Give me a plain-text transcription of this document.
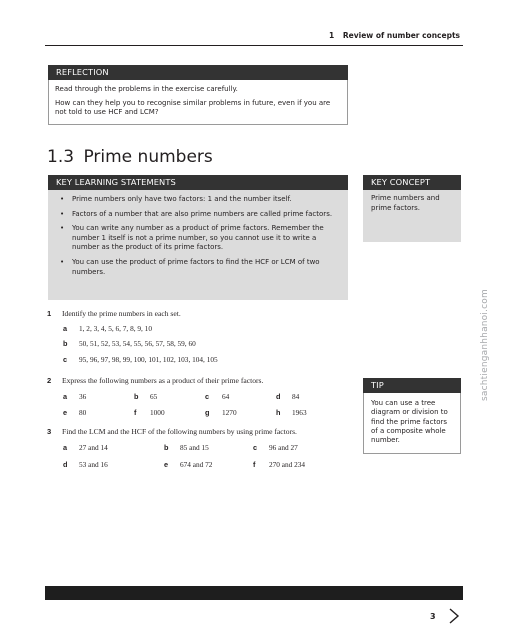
1 Review of number concepts
REFLECTION

Read through the problems in the exercise carefully.

How can they help you to recognise similar problems in future, even if you are not told to use HCF and LCM?

1.3 Prime numbers
KEY LEARNING STATEMENTS
• Prime numbers only have two factors: 1 and the number itself.
• Factors of a number that are also prime numbers are called prime factors.
• You can write any number as a product of prime factors. Remember the number 1 itself is not a prime number, so you cannot use it to write a number as the product of its prime factors.
• You can use the product of prime factors to find the HCF or LCM of two numbers.
KEY CONCEPT
Prime numbers and prime factors.
sachtienganhhanoi.com
1 Identify the prime numbers in each set.
a 1, 2, 3, 4, 5, 6, 7, 8, 9, 10
b 50, 51, 52, 53, 54, 55, 56, 57, 58, 59, 60
c 95, 96, 97, 98, 99, 100, 101, 102, 103, 104, 105
2 Express the following numbers as a product of their prime factors.
a 36	b 65	c 64	d 84
e 80	f 1000	g 1270	h 1963
3 Find the LCM and the HCF of the following numbers by using prime factors.
a 27 and 14	b 85 and 15	c 96 and 27
d 53 and 16	e 674 and 72	f 270 and 234
TIP
You can use a tree diagram or division to find the prime factors of a composite whole number.
3
